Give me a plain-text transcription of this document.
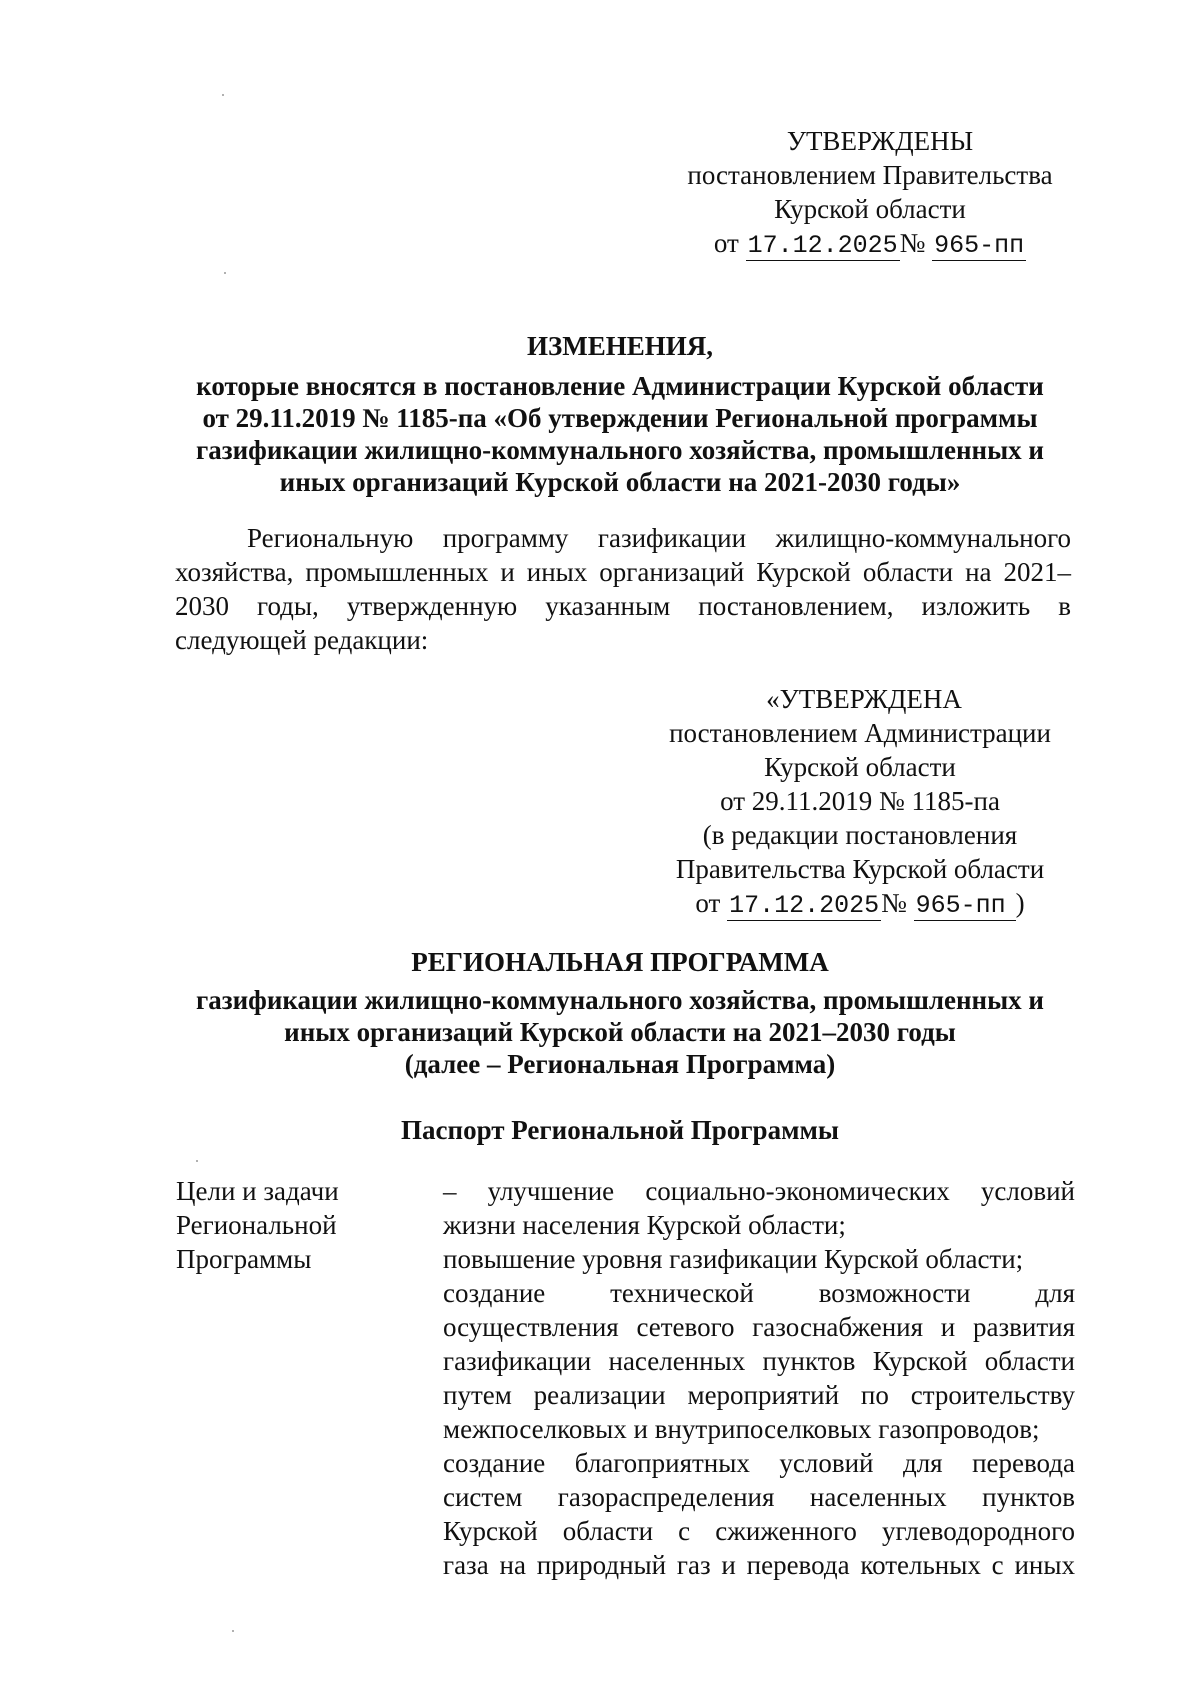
УТВЕРЖДЕНЫ
постановлением Правительства
Курской области
от 17.12.2025№ 965-пп
ИЗМЕНЕНИЯ,
которые вносятся в постановление Администрации Курской области
от 29.11.2019 № 1185-па «Об утверждении Региональной программы
газификации жилищно-коммунального хозяйства, промышленных и
иных организаций Курской области на 2021-2030 годы»
Региональную программу газификации жилищно-коммунального хозяйства, промышленных и иных организаций Курской области на 2021–2030 годы, утвержденную указанным постановлением, изложить в следующей редакции:
«УТВЕРЖДЕНА
постановлением Администрации
Курской области
от 29.11.2019 № 1185-па
(в редакции постановления
Правительства Курской области
от 17.12.2025№ 965-пп )
РЕГИОНАЛЬНАЯ ПРОГРАММА
газификации жилищно-коммунального хозяйства, промышленных и
иных организаций Курской области на 2021–2030 годы
(далее – Региональная Программа)
Паспорт Региональной Программы
Цели и задачи
Региональной
Программы

– улучшение социально-экономических условий

жизни населения Курской области;

повышение уровня газификации Курской области;

создание технической возможности для

осуществления сетевого газоснабжения и развития

газификации населенных пунктов Курской области

путем реализации мероприятий по строительству

межпоселковых и внутрипоселковых газопроводов;

создание благоприятных условий для перевода

систем газораспределения населенных пунктов

Курской области с сжиженного углеводородного

газа на природный газ и перевода котельных с иных
